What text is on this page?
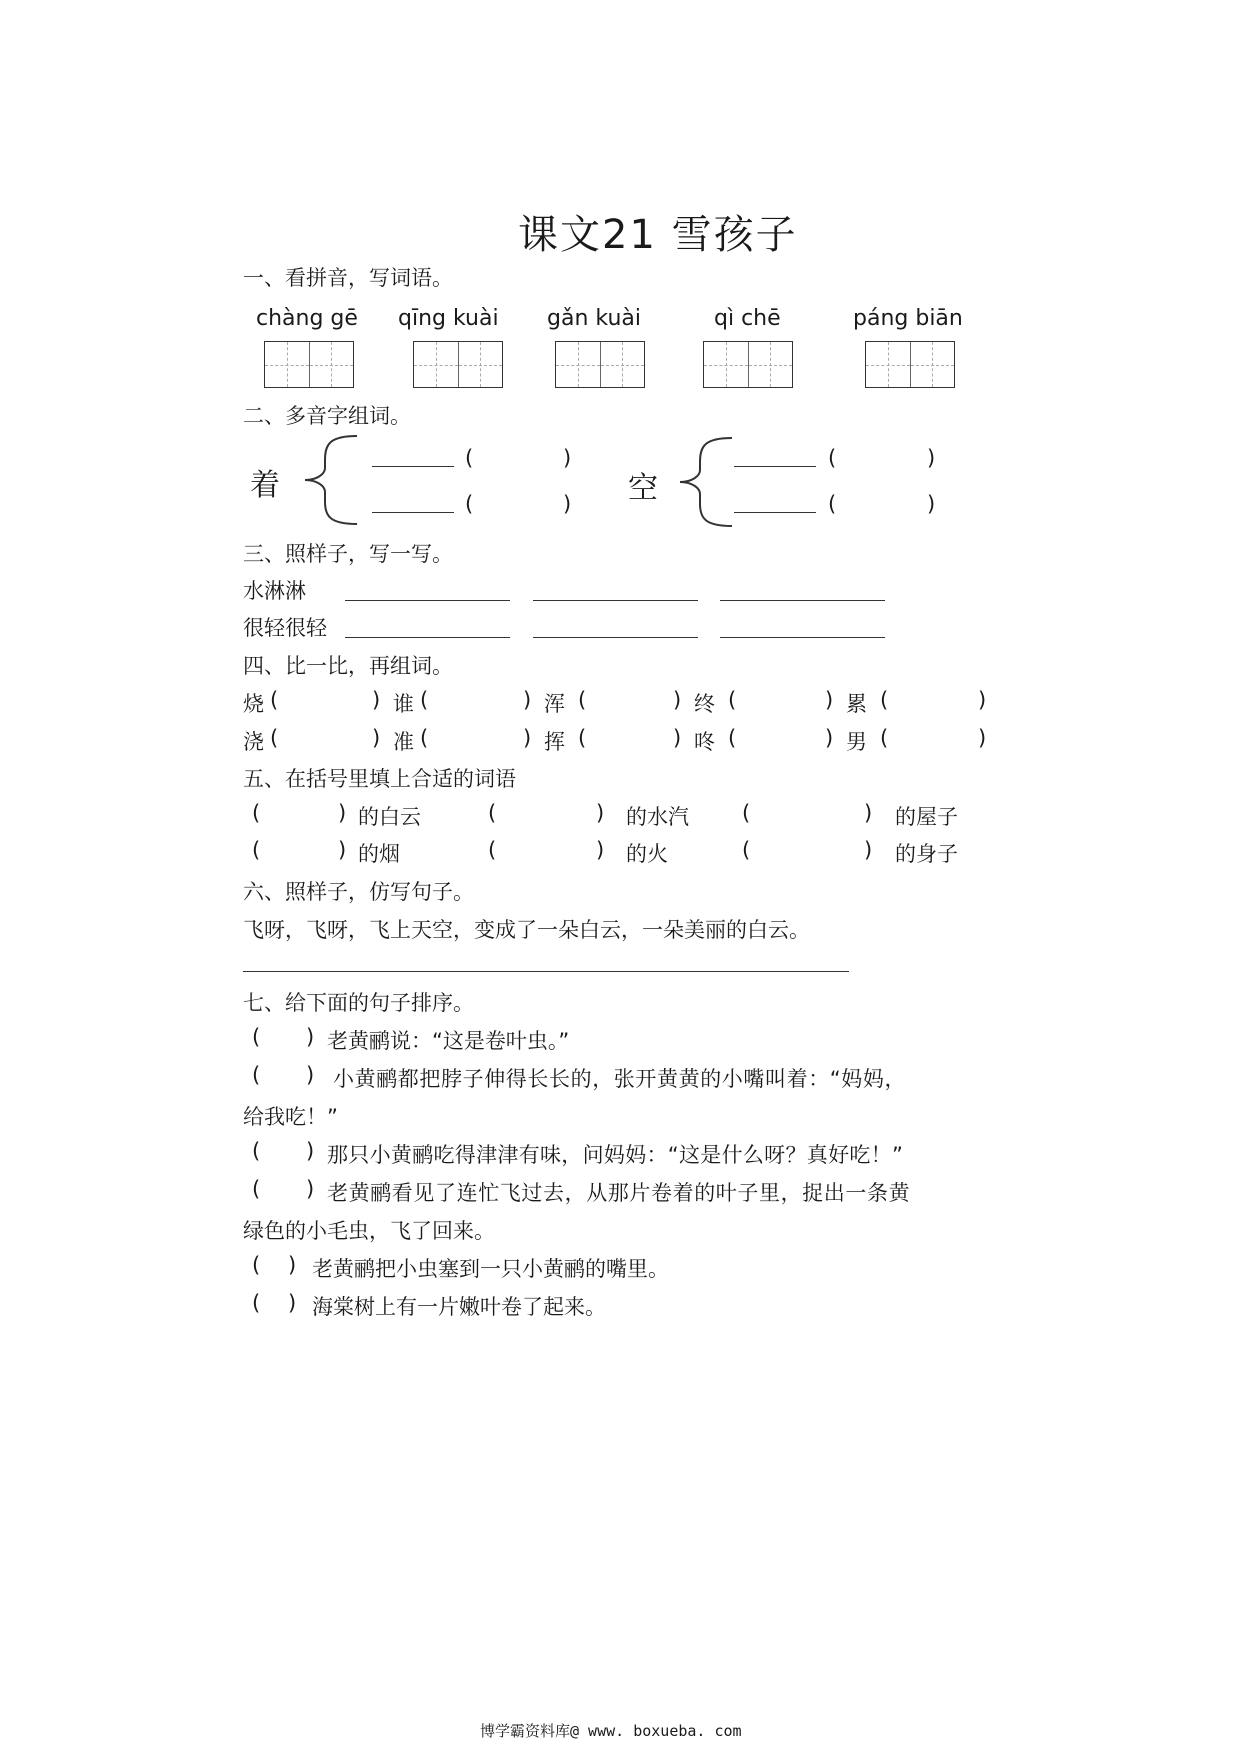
课文21 雪孩子
一、看拼音，写词语。
chàng gē qīng kuài gǎn kuài	qì chē	páng biān
二、多音字组词。
着	空
(	)
(	)
(	)
(	)
三、照样子，写一写。
水淋淋
很轻很轻
四、比一比，再组词。
烧 (	) 谁 (	) 浑 (	) 终 (	) 累 (	)
浇 (	) 准 (	) 挥 (	) 咚 (	) 男 (	)
五、在括号里填上合适的词语
(	) 的白云	(	) 的水汽	(	) 的屋子
(	) 的烟	(	) 的火	(	) 的身子
六、照样子，仿写句子。
飞呀，飞呀，飞上天空，变成了一朵白云，一朵美丽的白云。
七、给下面的句子排序。
( ) 老黄鹂说：“这是卷叶虫。”
( ) 小黄鹂都把脖子伸得长长的，张开黄黄的小嘴叫着：“妈妈，
给我吃！”
( ) 那只小黄鹂吃得津津有味，问妈妈：“这是什么呀？真好吃！”
( ) 老黄鹂看见了连忙飞过去，从那片卷着的叶子里，捉出一条黄
绿色的小毛虫，飞了回来。
( ) 老黄鹂把小虫塞到一只小黄鹂的嘴里。
( ) 海棠树上有一片嫩叶卷了起来。
博学霸资料库@ www. boxueba. com
